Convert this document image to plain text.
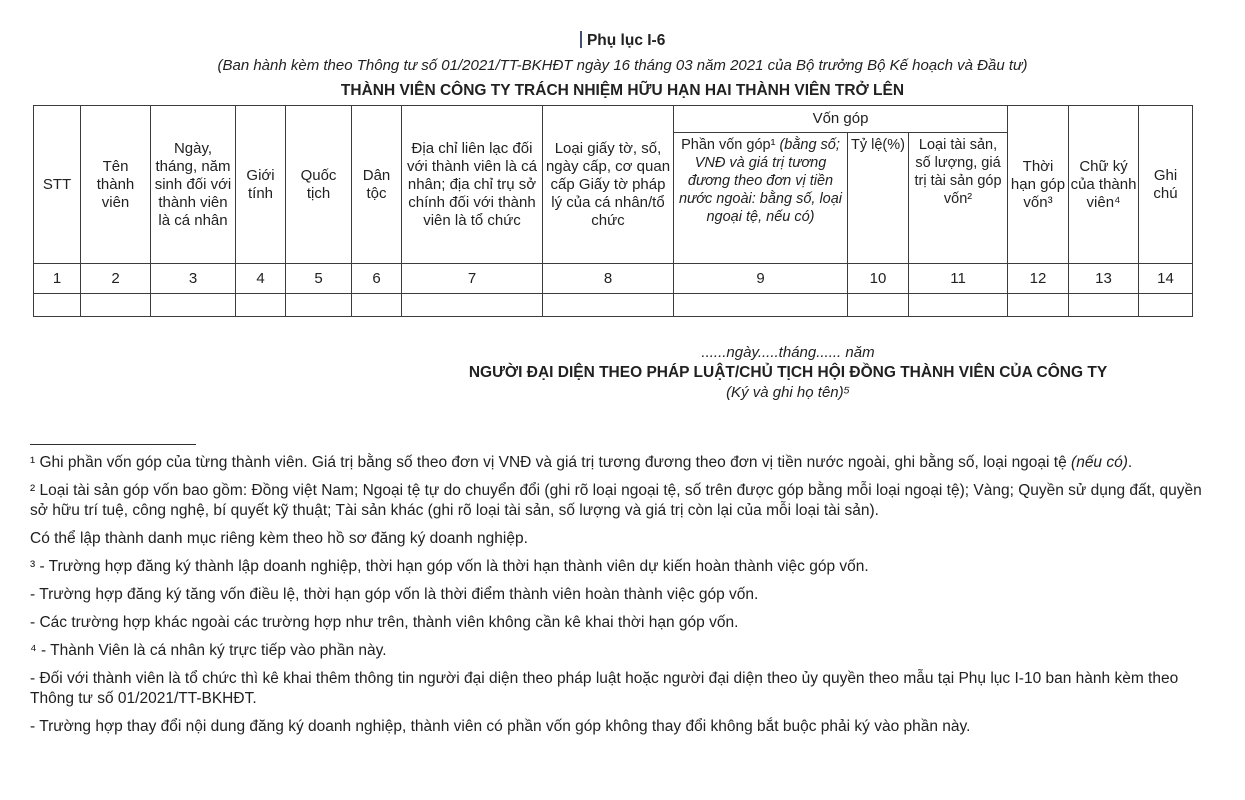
Phụ lục I-6
(Ban hành kèm theo Thông tư số 01/2021/TT-BKHĐT ngày 16 tháng 03 năm 2021 của Bộ trưởng Bộ Kế hoạch và Đầu tư)
THÀNH VIÊN CÔNG TY TRÁCH NHIỆM HỮU HẠN HAI THÀNH VIÊN TRỞ LÊN
STT	Tên thành viên	Ngày, tháng, năm sinh đối với thành viên là cá nhân	Giới tính	Quốc tịch	Dân tộc	Địa chỉ liên lạc đối với thành viên là cá nhân; địa chỉ trụ sở chính đối với thành viên là tổ chức	Loại giấy tờ, số, ngày cấp, cơ quan cấp Giấy tờ pháp lý của cá nhân/tổ chức	Vốn góp			Thời hạn góp vốn³	Chữ ký của thành viên⁴	Ghi chú
								Phần vốn góp¹ (bằng số; VNĐ và giá trị tương đương theo đơn vị tiền nước ngoài: bằng số, loại ngoại tệ, nếu có)	Tỷ lệ(%)	Loại tài sản, số lượng, giá trị tài sản góp vốn²			
1	2	3	4	5	6	7	8	9	10	11	12	13	14

......ngày.....tháng...... năm
NGƯỜI ĐẠI DIỆN THEO PHÁP LUẬT/CHỦ TỊCH HỘI ĐỒNG THÀNH VIÊN CỦA CÔNG TY
(Ký và ghi họ tên)⁵

¹ Ghi phần vốn góp của từng thành viên. Giá trị bằng số theo đơn vị VNĐ và giá trị tương đương theo đơn vị tiền nước ngoài, ghi bằng số, loại ngoại tệ (nếu có).

² Loại tài sản góp vốn bao gồm: Đồng việt Nam; Ngoại tệ tự do chuyển đổi (ghi rõ loại ngoại tệ, số trên được góp bằng mỗi loại ngoại tệ); Vàng; Quyền sử dụng đất, quyền sở hữu trí tuệ, công nghệ, bí quyết kỹ thuật; Tài sản khác (ghi rõ loại tài sản, số lượng và giá trị còn lại của mỗi loại tài sản).

Có thể lập thành danh mục riêng kèm theo hồ sơ đăng ký doanh nghiệp.

³ - Trường hợp đăng ký thành lập doanh nghiệp, thời hạn góp vốn là thời hạn thành viên dự kiến hoàn thành việc góp vốn.

- Trường hợp đăng ký tăng vốn điều lệ, thời hạn góp vốn là thời điểm thành viên hoàn thành việc góp vốn.

- Các trường hợp khác ngoài các trường hợp như trên, thành viên không cần kê khai thời hạn góp vốn.

⁴ - Thành Viên là cá nhân ký trực tiếp vào phần này.

- Đối với thành viên là tổ chức thì kê khai thêm thông tin người đại diện theo pháp luật hoặc người đại diện theo ủy quyền theo mẫu tại Phụ lục I-10 ban hành kèm theo Thông tư số 01/2021/TT-BKHĐT.

- Trường hợp thay đổi nội dung đăng ký doanh nghiệp, thành viên có phần vốn góp không thay đổi không bắt buộc phải ký vào phần này.
